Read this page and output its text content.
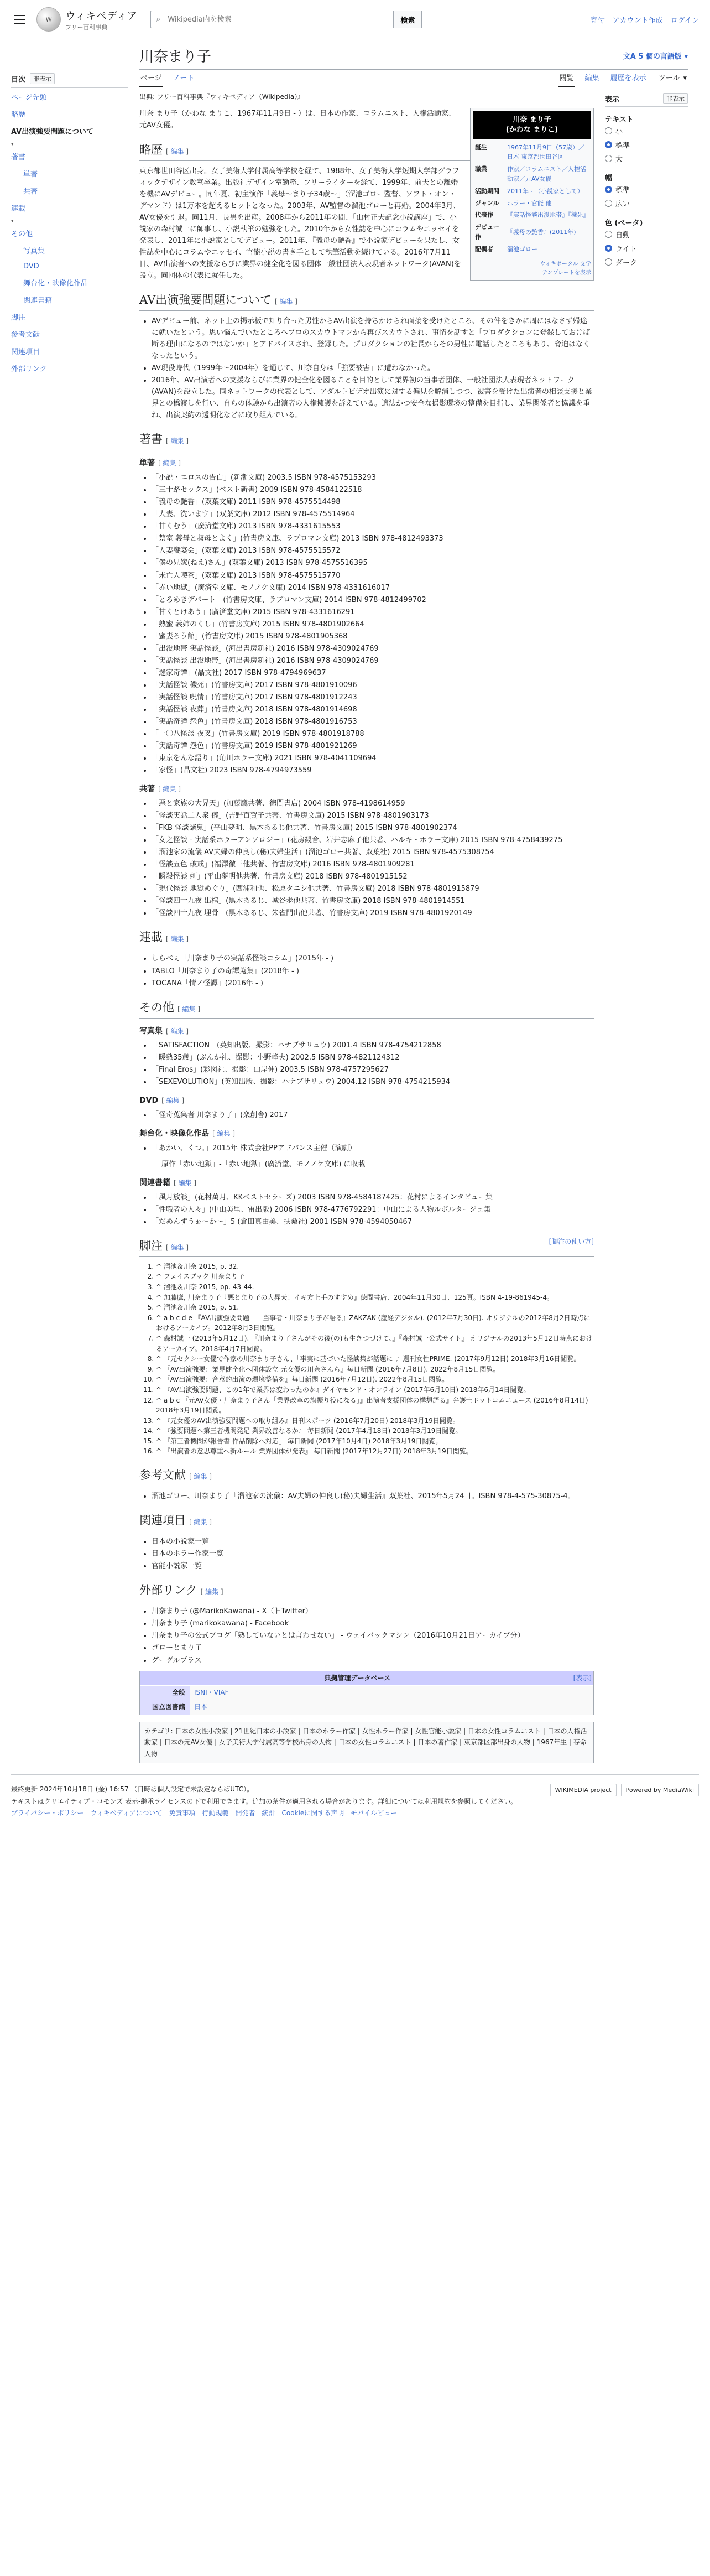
W	ウィキペディア
フリー百科事典
⌕
Wikipedia内を検索	検索	寄付 アカウント作成 ログイン
目次	非表示
ページ先頭
略歴
AV出演強要問題について
▾
著書
単著
共著
連載
▾
その他
写真集
DVD
舞台化・映像化作品
関連書籍
脚注
参考文献
関連項目
外部リンク
川奈まり子	文A 5 個の言語版 ▾
ページ ノート	閲覧 編集 履歴を表示	ツール ▾
出典: フリー百科事典『ウィキペディア（Wikipedia）』
川奈 まり子
(かわな まりこ)
誕生	1967年11月9日（57歳）／ 日本 東京都世田谷区
職業	作家／コラムニスト／人権活動家／元AV女優
活動期間	2011年 - （小説家として）
ジャンル	ホラー・官能 他
代表作	『実話怪談出没地帯』『穢死』
デビュー作	『義母の艶香』(2011年)
配偶者	溜池ゴロー
ウィキポータル 文学
テンプレートを表示

川奈 まり子（かわな まりこ、1967年11月9日 - ）は、日本の作家、コラムニスト、人権活動家、元AV女優。

略歴 [ 編集 ]

東京都世田谷区出身。女子美術大学付属高等学校を経て、1988年、女子美術大学短期大学部グラフィックデザイン教室卒業。出版社デザイン室勤務、フリーライターを経て、1999年、前夫との離婚を機にAVデビュー。同年夏、初主演作「義母〜まり子34歳〜」（溜池ゴロー監督、ソフト・オン・デマンド）は1万本を超えるヒットとなった。2003年、AV監督の溜池ゴローと再婚。2004年3月、AV女優を引退。同11月、長男を出産。2008年から2011年の間、「山村正夫記念小説講座」で、小説家の森村誠一に師事し、小説執筆の勉強をした。2010年から女性誌を中心にコラムやエッセイを発表し、2011年に小説家としてデビュー。2011年、『義母の艶香』で小説家デビューを果たし、女性誌を中心にコラムやエッセイ、官能小説の書き手として執筆活動を続けている。2016年7月11日、AV出演者への支援ならびに業界の健全化を図る団体一般社団法人表現者ネットワーク(AVAN)を設立。同団体の代表に就任した。

AV出演強要問題について [ 編集 ]
• AVデビュー前、ネット上の掲示板で知り合った男性からAV出演を持ちかけられ面接を受けたところ、その件をきかに周にはなさず帰途に就いたという。思い悩んでいたところへプロのスカウトマンから再びスカウトされ、事情を話すと「プロダクションに登録しておけば断る理由になるのではないか」とアドバイスされ、登録した。プロダクションの社長からその男性に電話したところもあり、脅迫はなくなったという。
• AV現役時代（1999年〜2004年）を通じて、川奈自身は「強要被害」に遭わなかった。
• 2016年、AV出演者への支援ならびに業界の健全化を図ることを目的として業界初の当事者団体、一般社団法人表現者ネットワーク(AVAN)を設立した。同ネットワークの代表として、アダルトビデオ出演に対する偏見を解消しつつ、被害を受けた出演者の相談支援と業界との橋渡しを行い、自らの体験から出演者の人権擁護を訴えている。適法かつ安全な撮影環境の整備を目指し、業界関係者と協議を重ね、出演契約の透明化などに取り組んでいる。
著書 [ 編集 ]
単著 [ 編集 ]
• 「小説・エロスの告白」(新潮文庫) 2003.5 ISBN 978-4575153293
• 「三十路セックス」(ベスト新書) 2009 ISBN 978-4584122518
• 「義母の艶香」(双葉文庫) 2011 ISBN 978-4575514498
• 「人妻、洗います」(双葉文庫) 2012 ISBN 978-4575514964
• 「甘くむう」(廣済堂文庫) 2013 ISBN 978-4331615553
• 「禁室 義母と叔母とよく」(竹書房文庫、ラブロマン文庫) 2013 ISBN 978-4812493373
• 「人妻饗宴会」(双葉文庫) 2013 ISBN 978-4575515572
• 「僕の兄嫁(ねえ)さん」(双葉文庫) 2013 ISBN 978-4575516395
• 「未亡人喫茶」(双葉文庫) 2013 ISBN 978-4575515770
• 「赤い地獄」(廣済堂文庫、モノノケ文庫) 2014 ISBN 978-4331616017
• 「とろめきデパート」(竹書房文庫、ラブロマン文庫) 2014 ISBN 978-4812499702
• 「甘くとけあう」(廣済堂文庫) 2015 ISBN 978-4331616291
• 「熟蜜 義姉のくし」(竹書房文庫) 2015 ISBN 978-4801902664
• 「蜜妻ろう館」(竹書房文庫) 2015 ISBN 978-4801905368
• 「出没地帯 実話怪談」(河出書房新社) 2016 ISBN 978-4309024769
• 「実話怪談 出没地帯」(河出書房新社) 2016 ISBN 978-4309024769
• 「迷家奇譚」(晶文社) 2017 ISBN 978-4794969637
• 「実話怪談 穢死」(竹書房文庫) 2017 ISBN 978-4801910096
• 「実話怪談 呪情」(竹書房文庫) 2017 ISBN 978-4801912243
• 「実話怪談 夜葬」(竹書房文庫) 2018 ISBN 978-4801914698
• 「実話奇譚 怨色」(竹書房文庫) 2018 ISBN 978-4801916753
• 「一〇八怪談 夜叉」(竹書房文庫) 2019 ISBN 978-4801918788
• 「実話奇譚 怨色」(竹書房文庫) 2019 ISBN 978-4801921269
• 「東京をんな語り」(角川ホラー文庫) 2021 ISBN 978-4041109694
• 「家怪」(晶文社) 2023 ISBN 978-4794973559
共著 [ 編集 ]
• 「悪と家族の大昇天」(加藤鷹共著、徳間書店) 2004 ISBN 978-4198614959
• 「怪談実話二人衆 儀」(吉野百賀子共著、竹書房文庫) 2015 ISBN 978-4801903173
• 「FKB 怪談諸鬼」(平山夢明、黒木あるじ他共著、竹書房文庫) 2015 ISBN 978-4801902374
• 「女之怪談 - 実話系ホラーアンソロジー」(花房観音、岩井志麻子他共著、ハルキ・ホラー文庫) 2015 ISBN 978-4758439275
• 「溜池家の流儀 AV夫婦の仲良し(秘)夫婦生活」(溜池ゴロー共著、双葉社) 2015 ISBN 978-4575308754
• 「怪談五色 破戒」(福澤徹三他共著、竹書房文庫) 2016 ISBN 978-4801909281
• 「瞬殺怪談 刺」(平山夢明他共著、竹書房文庫) 2018 ISBN 978-4801915152
• 「現代怪談 地獄めぐり」(西浦和也、松原タニシ他共著、竹書房文庫) 2018 ISBN 978-4801915879
• 「怪談四十九夜 出棺」(黒木あるじ、城谷歩他共著、竹書房文庫) 2018 ISBN 978-4801914551
• 「怪談四十九夜 埋骨」(黒木あるじ、朱雀門出他共著、竹書房文庫) 2019 ISBN 978-4801920149
連載 [ 編集 ]
• しらべぇ「川奈まり子の実話系怪談コラム」(2015年 - )
• TABLO「川奈まり子の奇譚蒐集」(2018年 - )
• TOCANA「情ノ怪譚」(2016年 - )
その他 [ 編集 ]
写真集 [ 編集 ]
• 「SATISFACTION」(英知出版、撮影：ハナブサリュウ) 2001.4 ISBN 978-4754212858
• 「暖熟35歳」(ぶんか社、撮影：小野峰夫) 2002.5 ISBN 978-4821124312
• 「Final Eros」(彩図社、撮影：山岸伸) 2003.5 ISBN 978-4757295627
• 「SEXEVOLUTION」(英知出版、撮影：ハナブサリュウ) 2004.12 ISBN 978-4754215934
DVD [ 編集 ]
• 「怪奇蒐集者 川奈まり子」(楽創舎) 2017
舞台化・映像化作品 [ 編集 ]
• 「あかい、くつ。」2015年 株式会社PPアドバンス主催（演劇）

原作「赤い地獄」-「赤い地獄」(廣済堂、モノノケ文庫) に収載

関連書籍 [ 編集 ]
• 「風月放談」(花村萬月、KKベストセラーズ) 2003 ISBN 978-4584187425：花村によるインタビュー集
• 「性職者の人々」(中山美里、宙出版) 2006 ISBN 978-4776792291：中山による人物ルポルタージュ集
• 「だめんずうぉ〜か〜」5 (倉田真由美、扶桑社) 2001 ISBN 978-4594050467
脚注 [ 編集 ]
[脚注の使い方]
1. ^ 溜池＆川奈 2015, p. 32.
2. ^ フェイスブック 川奈まり子
3. ^ 溜池＆川奈 2015, pp. 43-44.
4. ^ 加藤鷹, 川奈まり子『悪とまり子の大昇天！イキ方上手のすすめ』徳間書店、2004年11月30日、125頁。ISBN 4-19-861945-4。
5. ^ 溜池＆川奈 2015, p. 51.
6. ^ a b c d e 『AV出演強要問題――当事者・川奈まり子が語る』ZAKZAK (産経デジタル). (2012年7月30日). オリジナルの2012年8月2日時点におけるアーカイブ。2012年8月3日閲覧。
7. ^ 森村誠一 (2013年5月12日). 『川奈まり子さんがその後(の)も生きつづけて、』『森村誠一公式サイト』 オリジナルの2013年5月12日時点におけるアーカイブ。2018年4月7日閲覧。
8. ^ 『元セクシー女優で作家の川奈まり子さん、「事実に基づいた怪談集が話題に」』週刊女性PRIME. (2017年9月12日) 2018年3月16日閲覧。
9. ^ 『AV出演強要：業界健全化へ団体設立 元女優の川奈さんら』毎日新聞 (2016年7月8日). 2022年8月15日閲覧。
10. ^ 『AV出演強要：合意的出演の環境整備を』毎日新聞 (2016年7月12日). 2022年8月15日閲覧。
11. ^ 『AV出演強要問題、この1年で業界は変わったのか』ダイヤモンド・オンライン (2017年6月10日) 2018年6月14日閲覧。
12. ^ a b c 『元AV女優・川奈まり子さん「業界改革の旗振り役になる」』出演者支援団体の構想語る』弁護士ドットコムニュース (2016年8月14日) 2018年3月19日閲覧。
13. ^ 『元女優のAV出演強要問題への取り組み』日刊スポーツ (2016年7月20日) 2018年3月19日閲覧。
14. ^ 『強要問題へ第三者機関発足 業界改善なるか』 毎日新聞 (2017年4月18日) 2018年3月19日閲覧。
15. ^ 『第三者機関が報告書 作品削除へ対応』 毎日新聞 (2017年10月4日) 2018年3月19日閲覧。
16. ^ 『出演者の意思尊重へ新ルール 業界団体が発表』 毎日新聞 (2017年12月27日) 2018年3月19日閲覧。
参考文献 [ 編集 ]
• 溜池ゴロー、川奈まり子『溜池家の流儀：AV夫婦の仲良し(秘)夫婦生活』双葉社、2015年5月24日。ISBN 978-4-575-30875-4。
関連項目 [ 編集 ]
• 日本の小説家一覧
• 日本のホラー作家一覧
• 官能小説家一覧
外部リンク [ 編集 ]
• 川奈まり子 (@MarikoKawana) - X（旧Twitter）
• 川奈まり子 (marikokawana) - Facebook
• 川奈まり子の公式ブログ「熟していないとは言わせない」 - ウェイバックマシン（2016年10月21日アーカイブ分）
• ゴローとまり子
• グーグルプラス
典拠管理データベース	[表示]
全般	ISNI・VIAF
国立図書館	日本
カテゴリ: 日本の女性小説家 | 21世紀日本の小説家 | 日本のホラー作家 | 女性ホラー作家 | 女性官能小説家 | 日本の女性コラムニスト | 日本の人権活動家 | 日本の元AV女優 | 女子美術大学付属高等学校出身の人物 | 日本の女性コラムニスト | 日本の著作家 | 東京都区部出身の人物 | 1967年生 | 存命人物
表示	非表示
テキスト
小
標準
大
幅
標準
広い
色 (ベータ)
自動
ライト
ダーク
最終更新 2024年10月18日 (金) 16:57 （日時は個人設定で未設定ならばUTC）。
テキストはクリエイティブ・コモンズ 表示-継承ライセンスの下で利用できます。追加の条件が適用される場合があります。詳細については利用規約を参照してください。
プライバシー・ポリシー　ウィキペディアについて　免責事項　行動規範　開発者　統計　Cookieに関する声明　モバイルビュー
WIKIMEDIA project	Powered by MediaWiki
